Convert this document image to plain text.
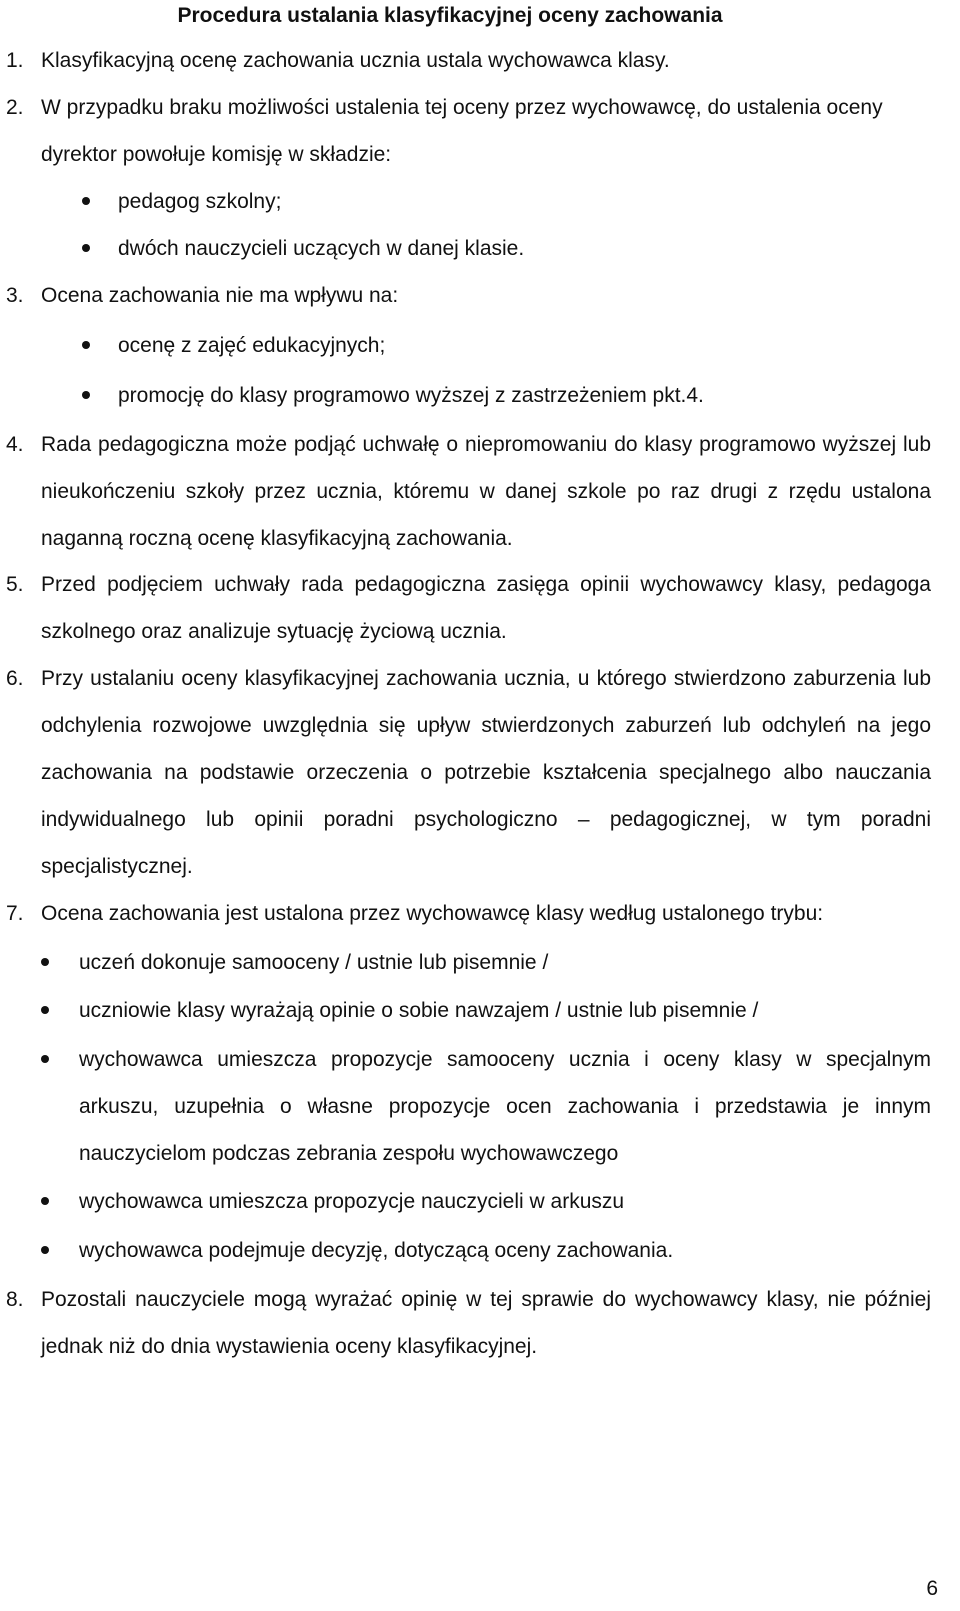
Procedura ustalania klasyfikacyjnej oceny zachowania
1. Klasyfikacyjną ocenę zachowania ucznia ustala wychowawca klasy.
2. W przypadku braku możliwości ustalenia tej oceny przez wychowawcę, do ustalenia oceny dyrektor powołuje komisję w składzie:
pedagog szkolny;
dwóch nauczycieli uczących w danej klasie.
3. Ocena zachowania nie ma wpływu na:
ocenę z zajęć edukacyjnych;
promocję do klasy programowo wyższej z zastrzeżeniem pkt.4.
4. Rada pedagogiczna może podjąć uchwałę o niepromowaniu do klasy programowo wyższej lub nieukończeniu szkoły przez ucznia, któremu w danej szkole po raz drugi z rzędu ustalona naganną roczną ocenę klasyfikacyjną zachowania.
5. Przed podjęciem uchwały rada pedagogiczna zasięga opinii wychowawcy klasy, pedagoga szkolnego oraz analizuje sytuację życiową ucznia.
6. Przy ustalaniu oceny klasyfikacyjnej zachowania ucznia, u którego stwierdzono zaburzenia lub odchylenia rozwojowe uwzględnia się upływ stwierdzonych zaburzeń lub odchyleń na jego zachowania na podstawie orzeczenia o potrzebie kształcenia specjalnego albo nauczania indywidualnego lub opinii poradni psychologiczno – pedagogicznej, w tym poradni specjalistycznej.
7. Ocena zachowania jest ustalona przez wychowawcę klasy według ustalonego trybu:
uczeń dokonuje samooceny / ustnie lub pisemnie /
uczniowie klasy wyrażają opinie o sobie nawzajem / ustnie lub pisemnie /
wychowawca umieszcza propozycje samooceny ucznia i oceny klasy w specjalnym arkuszu, uzupełnia o własne propozycje ocen zachowania i przedstawia je innym nauczycielom podczas zebrania zespołu wychowawczego
wychowawca umieszcza propozycje nauczycieli w arkuszu
wychowawca podejmuje decyzję, dotyczącą oceny zachowania.
8. Pozostali nauczyciele mogą wyrażać opinię w tej sprawie do wychowawcy klasy, nie później jednak niż do dnia wystawienia oceny klasyfikacyjnej.
6
